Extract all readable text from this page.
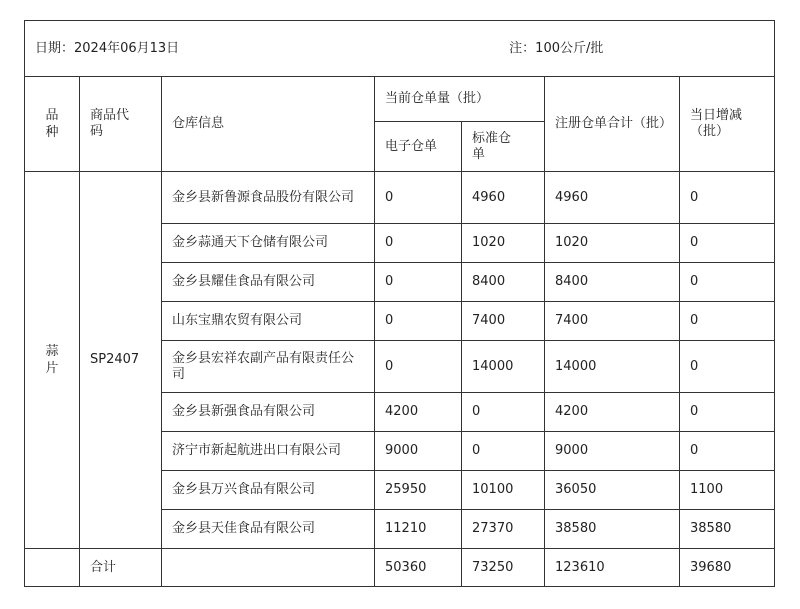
日期：2024年06月13日 注：100公斤/批						
品种	商品代码	仓库信息	当前仓单量（批）		注册仓单合计（批）	当日增减（批）
			电子仓单	标准仓单		
蒜片	SP2407	金乡县新鲁源食品股份有限公司	0	4960	4960	0
		金乡蒜通天下仓储有限公司	0	1020	1020	0
		金乡县耀佳食品有限公司	0	8400	8400	0
		山东宝鼎农贸有限公司	0	7400	7400	0
		金乡县宏祥农副产品有限责任公司	0	14000	14000	0
		金乡县新强食品有限公司	4200	0	4200	0
		济宁市新起航进出口有限公司	9000	0	9000	0
		金乡县万兴食品有限公司	25950	10100	36050	1100
		金乡县天佳食品有限公司	11210	27370	38580	38580
	合计		50360	73250	123610	39680
